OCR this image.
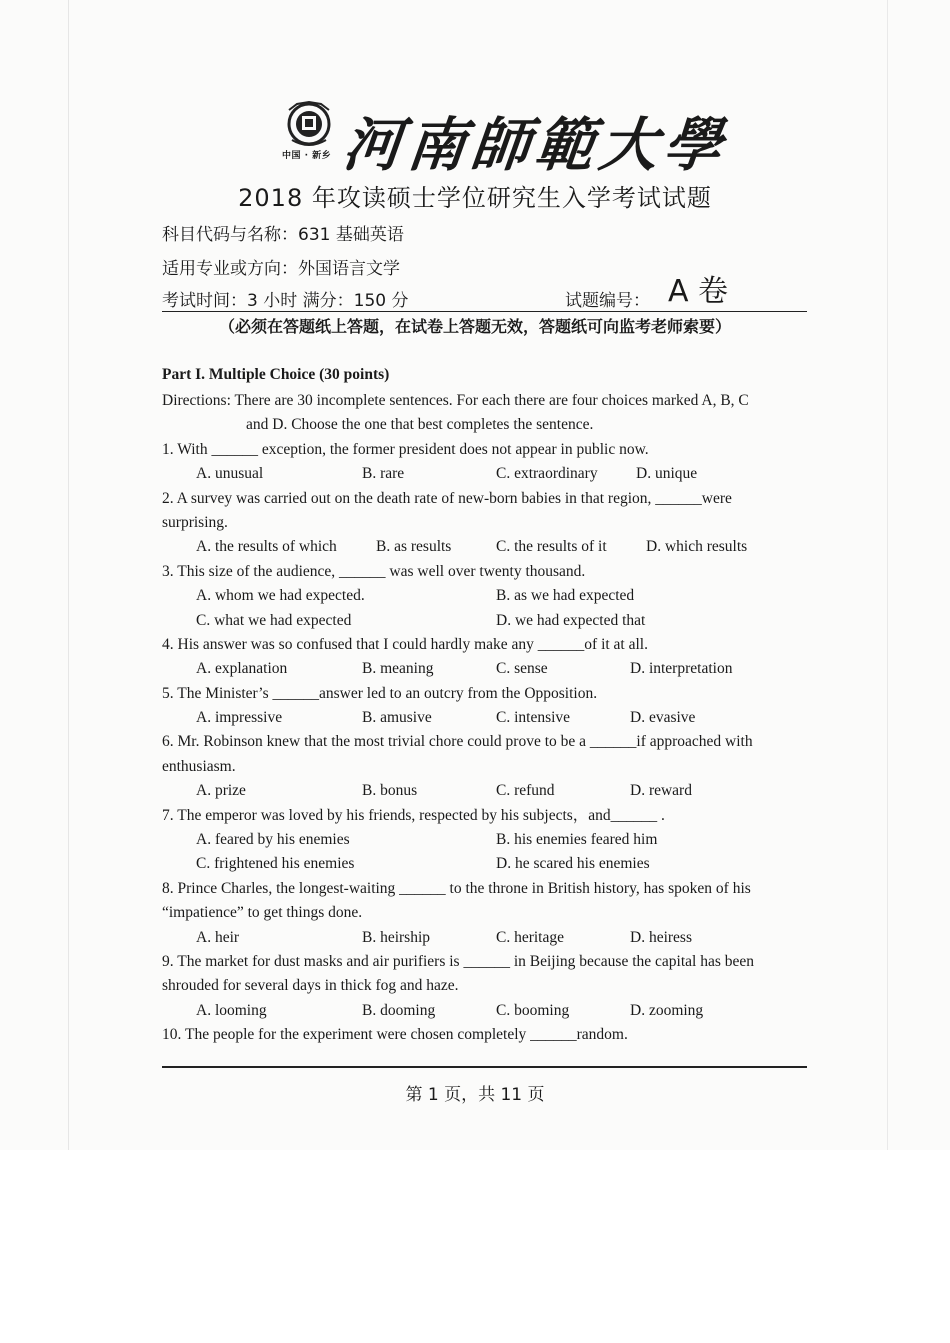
中国 · 新乡 河南師範大學
2018 年攻读硕士学位研究生入学考试试题
科目代码与名称：631 基础英语
适用专业或方向：外国语言文学
考试时间：3 小时 满分：150 分	试题编号： A 卷
（必须在答题纸上答题，在试卷上答题无效，答题纸可向监考老师索要）
Part I. Multiple Choice (30 points)
Directions: There are 30 incomplete sentences. For each there are four choices marked A, B, C
and D. Choose the one that best completes the sentence.
1. With ______ exception, the former president does not appear in public now.
A. unusual	B. rare	C. extraordinary D. unique
2. A survey was carried out on the death rate of new-born babies in that region, ______were
surprising.
A. the results of which	B. as results	C. the results of it	D. which results
3. This size of the audience, ______ was well over twenty thousand.
A. whom we had expected.	B. as we had expected
C. what we had expected	D. we had expected that
4. His answer was so confused that I could hardly make any ______of it at all.
A. explanation	B. meaning	C. sense	D. interpretation
5. The Minister’s ______answer led to an outcry from the Opposition.
A. impressive	B. amusive	C. intensive	D. evasive
6. Mr. Robinson knew that the most trivial chore could prove to be a ______if approached with
enthusiasm.
A. prize	B. bonus	C. refund	D. reward
7. The emperor was loved by his friends, respected by his subjects，and______ .
A. feared by his enemies	B. his enemies feared him
C. frightened his enemies	D. he scared his enemies
8. Prince Charles, the longest-waiting ______ to the throne in British history, has spoken of his
“impatience” to get things done.
A. heir	B. heirship	C. heritage	D. heiress
9. The market for dust masks and air purifiers is ______ in Beijing because the capital has been
shrouded for several days in thick fog and haze.
A. looming	B. dooming	C. booming	D. zooming
10. The people for the experiment were chosen completely ______random.
第 1 页，共 11 页
